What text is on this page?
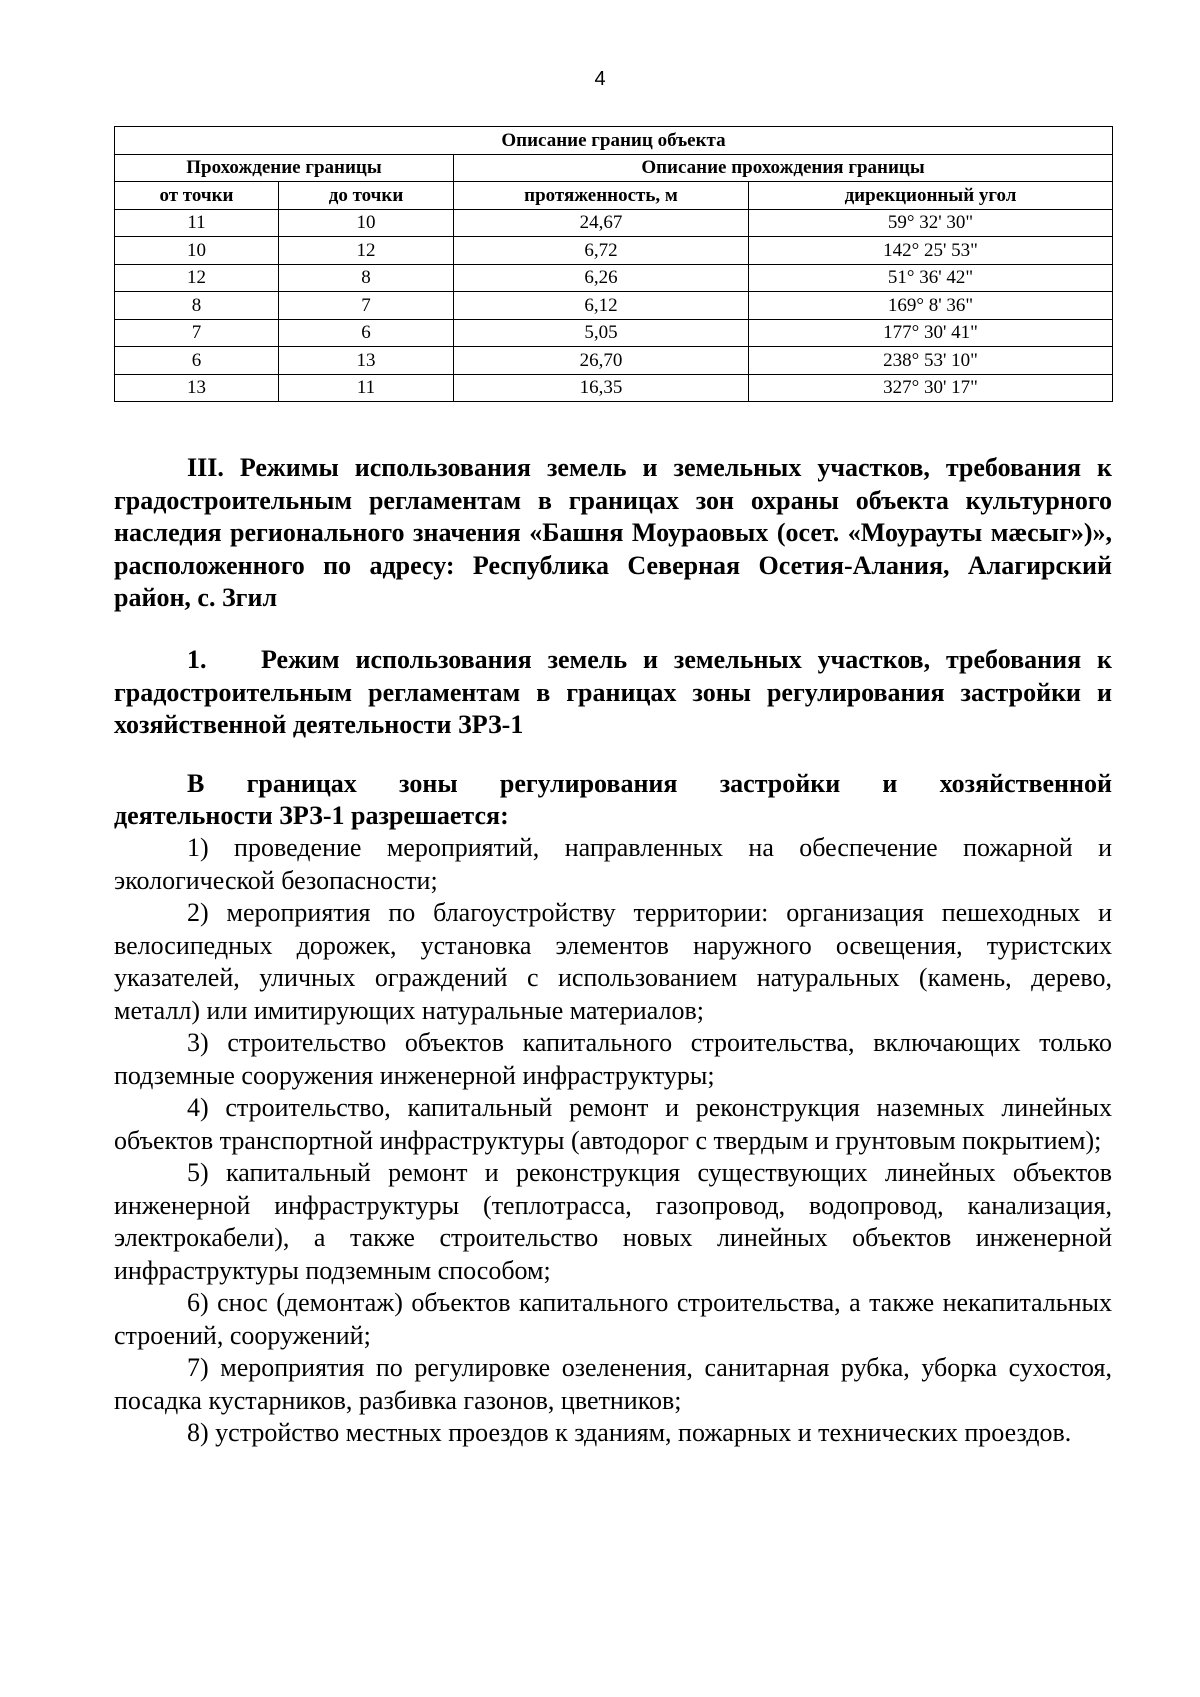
4
Описание границ объекта			
Прохождение границы		Описание прохождения границы	
от точки	до точки	протяженность, м	дирекционный угол
11	10	24,67	59° 32' 30"
10	12	6,72	142° 25' 53"
12	8	6,26	51° 36' 42"
8	7	6,12	169° 8' 36"
7	6	5,05	177° 30' 41"
6	13	26,70	238° 53' 10"
13	11	16,35	327° 30' 17"
III. Режимы использования земель и земельных участков, требования к градостроительным регламентам в границах зон охраны объекта культурного наследия регионального значения «Башня Моураовых (осет. «Моурауты мæсыг»)», расположенного по адресу: Республика Северная Осетия-Алания, Алагирский район, с. Згил
1. Режим использования земель и земельных участков, требования к градостроительным регламентам в границах зоны регулирования застройки и хозяйственной деятельности ЗРЗ-1
В границах зоны регулирования застройки и хозяйственной
деятельности ЗРЗ-1 разрешается:

1) проведение мероприятий, направленных на обеспечение пожарной и экологической безопасности;

2) мероприятия по благоустройству территории: организация пешеходных и велосипедных дорожек, установка элементов наружного освещения, туристских указателей, уличных ограждений с использованием натуральных (камень, дерево, металл) или имитирующих натуральные материалов;

3) строительство объектов капитального строительства, включающих только подземные сооружения инженерной инфраструктуры;

4) строительство, капитальный ремонт и реконструкция наземных линейных объектов транспортной инфраструктуры (автодорог с твердым и грунтовым покрытием);

5) капитальный ремонт и реконструкция существующих линейных объектов инженерной инфраструктуры (теплотрасса, газопровод, водопровод, канализация, электрокабели), а также строительство новых линейных объектов инженерной инфраструктуры подземным способом;

6) снос (демонтаж) объектов капитального строительства, а также некапитальных строений, сооружений;

7) мероприятия по регулировке озеленения, санитарная рубка, уборка сухостоя, посадка кустарников, разбивка газонов, цветников;

8) устройство местных проездов к зданиям, пожарных и технических проездов.
